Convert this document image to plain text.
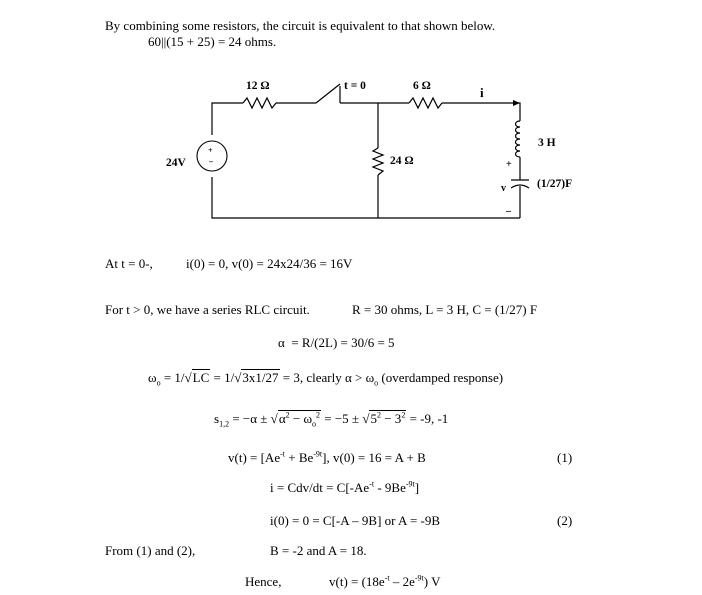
By combining some resistors, the circuit is equivalent to that shown below.
60||(15 + 25) = 24 ohms.
12 Ω	t = 0	6 Ω	i
3 H
24V
+
–	24 Ω	+
v
–
(1/27)F
At t = 0-,	i(0) = 0, v(0) = 24x24/36 = 16V
For t > 0, we have a series RLC circuit.	R = 30 ohms, L = 3 H, C = (1/27) F
α = R/(2L) = 30/6 = 5
$\omega_o = 1/√LC = 1/√3x1/27 = 3$, clearly $\alpha > \omega_o$ (overdamped response)
$s_{1,2} = -\alpha \pm √\alpha^2 - \omega_o^2 = -5 \pm √5^2 - 3^2 = -9$, -1
$v(t) = [Ae^{-t} + Be^{-9t}]$, v(0) = 16 = A + B	(1)
$i = Cdv/dt = C[-Ae^{-t} - 9Be^{-9t}]$
i(0) = 0 = C[-A – 9B] or A = -9B	(2)
From (1) and (2),	B = -2 and A = 18.
Hence,	$v(t) = (18e^{-t} - 2e^{-9t})$ V
